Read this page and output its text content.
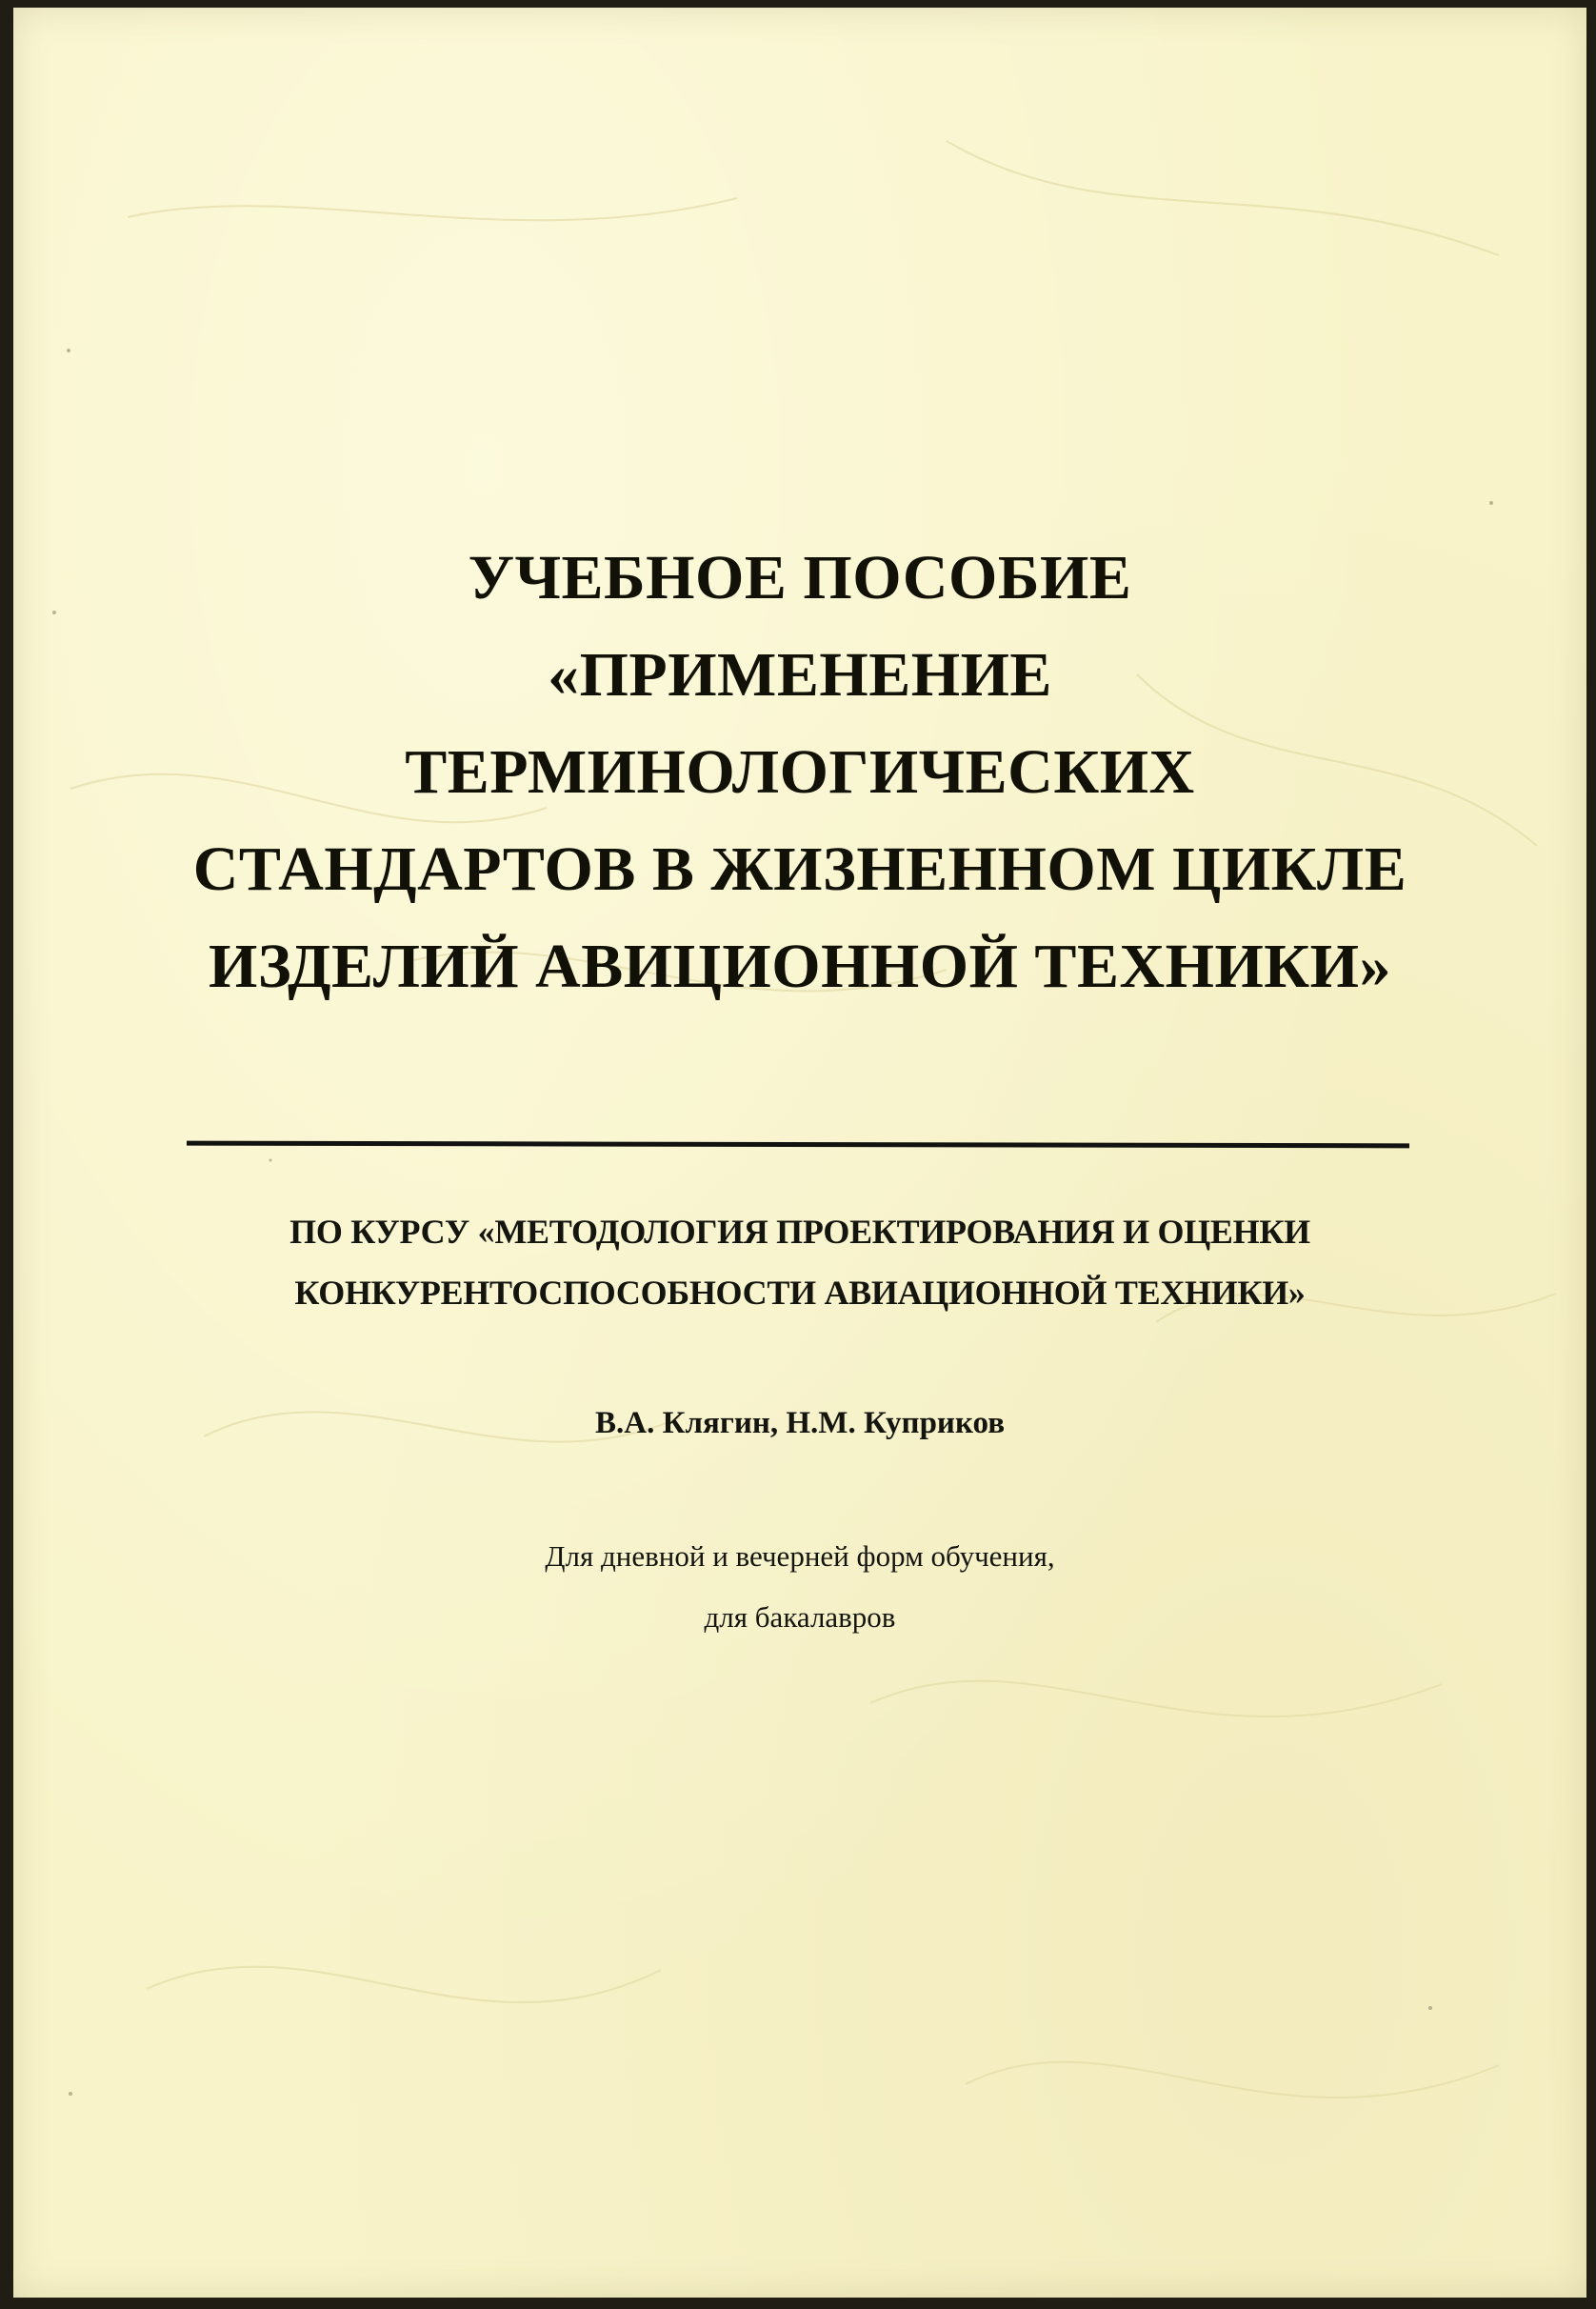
УЧЕБНОЕ ПОСОБИЕ
«ПРИМЕНЕНИЕ
ТЕРМИНОЛОГИЧЕСКИХ
СТАНДАРТОВ В ЖИЗНЕННОМ ЦИКЛЕ
ИЗДЕЛИЙ АВИЦИОННОЙ ТЕХНИКИ»
ПО КУРСУ «МЕТОДОЛОГИЯ ПРОЕКТИРОВАНИЯ И ОЦЕНКИ
КОНКУРЕНТОСПОСОБНОСТИ АВИАЦИОННОЙ ТЕХНИКИ»
В.А. Клягин, Н.М. Куприков
Для дневной и вечерней форм обучения,
для бакалавров
